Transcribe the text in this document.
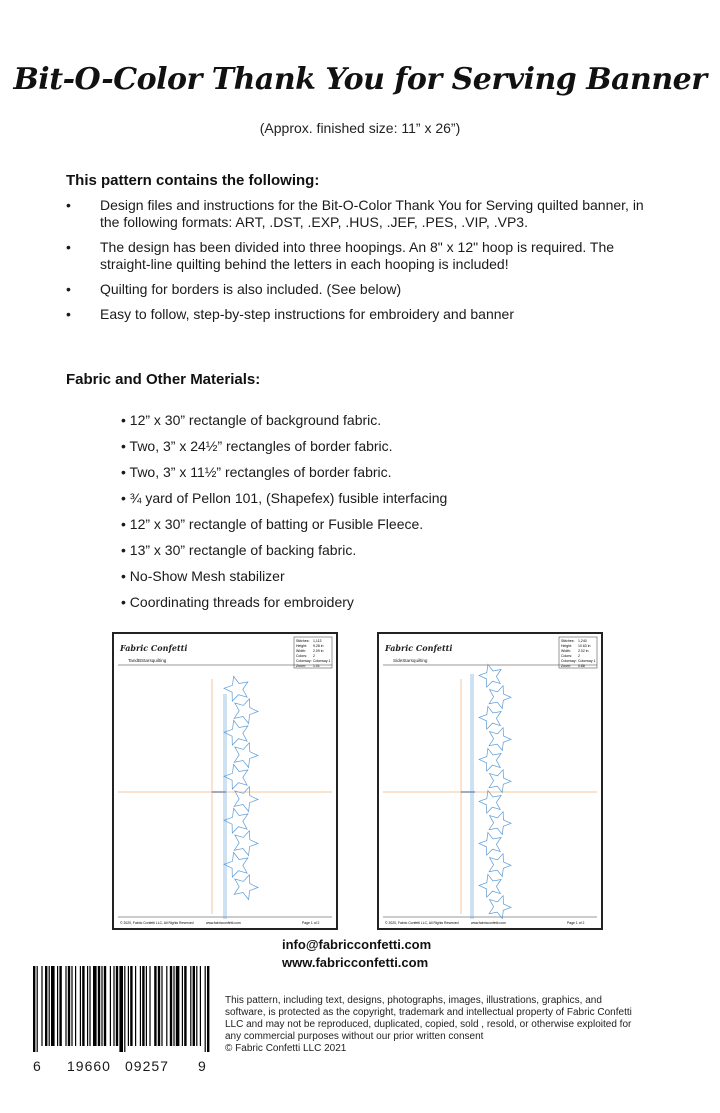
Bit-O-Color Thank You for Serving Banner
(Approx. finished size: 11” x 26”)
This pattern contains the following:
• Design files and instructions for the Bit-O-Color Thank You for Serving quilted banner, in the following formats: ART, .DST, .EXP, .HUS, .JEF, .PES, .VIP, .VP3.
• The design has been divided into three hoopings. An 8" x 12" hoop is required. The straight-line quilting behind the letters in each hooping is included!
• Quilting for borders is also included. (See below)
• Easy to follow, step-by-step instructions for embroidery and banner
Fabric and Other Materials:
• 12” x 30” rectangle of background fabric.
• Two, 3” x 24½” rectangles of border fabric.
• Two, 3” x 11½” rectangles of border fabric.
• ¾ yard of Pellon 101, (Shapefex) fusible interfacing
• 12” x 30” rectangle of batting or Fusible Fleece.
• 13” x 30” rectangle of backing fabric.
• No-Show Mesh stabilizer
• Coordinating threads for embroidery
Fabric Confetti
TandBStarsquilting
Stitches: 1,113
Height: 9.28 in
Width: 2.09 in
Colors: 2
Colorway: Colorway 1
Zoom: 1.01
© 2020, Fabric Confetti LLC, All Rights Reserved	www.fabricconfetti.com	Page 1 of 2
Fabric Confetti
SideStarsquilting
Stitches: 1,240
Height: 10.63 in
Width: 2.02 in
Colors: 2
Colorway: Colorway 1
Zoom: 0.88
© 2020, Fabric Confetti LLC, All Rights Reserved	www.fabricconfetti.com	Page 1 of 2
info@fabricconfetti.com
www.fabricconfetti.com
6 19660 09257 9
This pattern, including text, designs, photographs, images, illustrations, graphics, and software, is protected as the copyright, trademark and intellectual property of Fabric Confetti LLC and may not be reproduced, duplicated, copied, sold , resold, or otherwise exploited for any commercial purposes without our prior written consent
© Fabric Confetti LLC 2021
